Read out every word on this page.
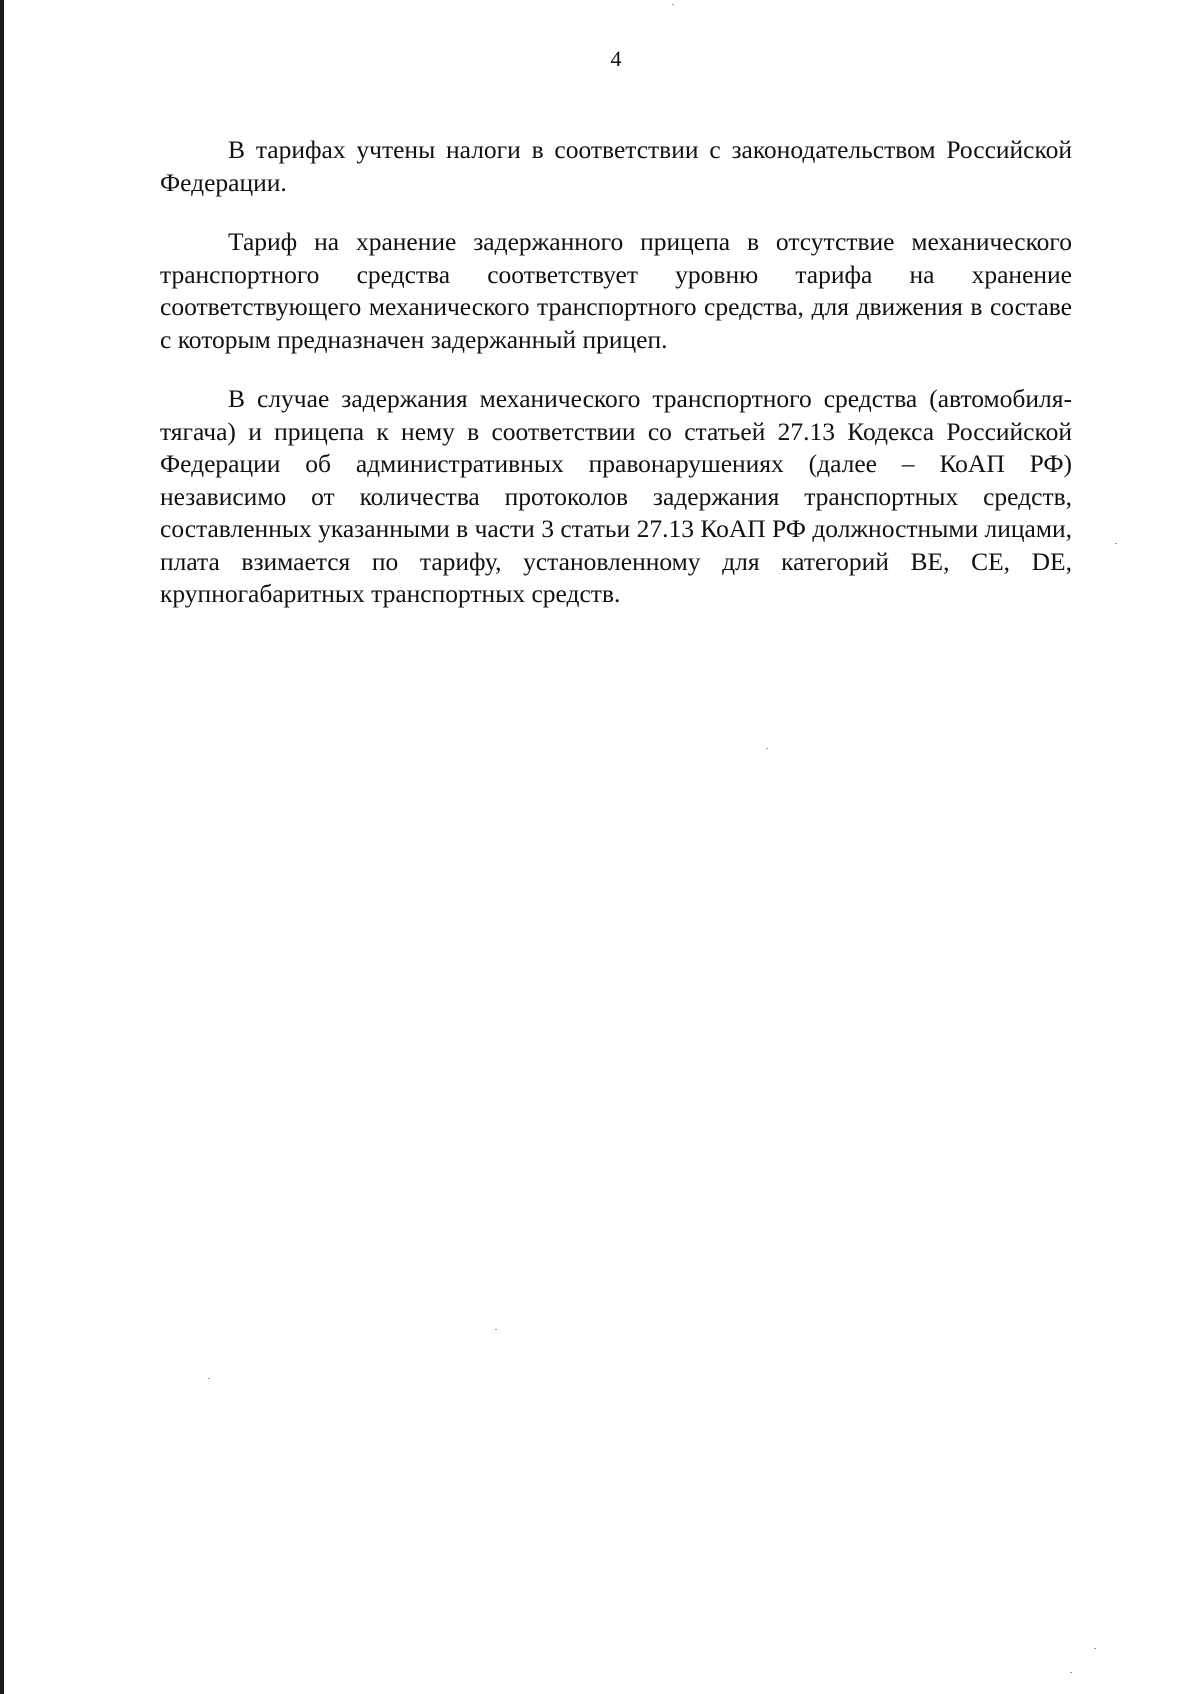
4

В тарифах учтены налоги в соответствии с законодательством Российской Федерации.

Тариф на хранение задержанного прицепа в отсутствие механического транспортного средства соответствует уровню тарифа на хранение соответствующего механического транспортного средства, для движения в составе с которым предназначен задержанный прицеп.

В случае задержания механического транспортного средства (автомобиля-тягача) и прицепа к нему в соответствии со статьей 27.13 Кодекса Российской Федерации об административных правонарушениях (далее – КоАП РФ) независимо от количества протоколов задержания транспортных средств, составленных указанными в части 3 статьи 27.13 КоАП РФ должностными лицами, плата взимается по тарифу, установленному для категорий BE, CE, DE, крупногабаритных транспортных средств.
